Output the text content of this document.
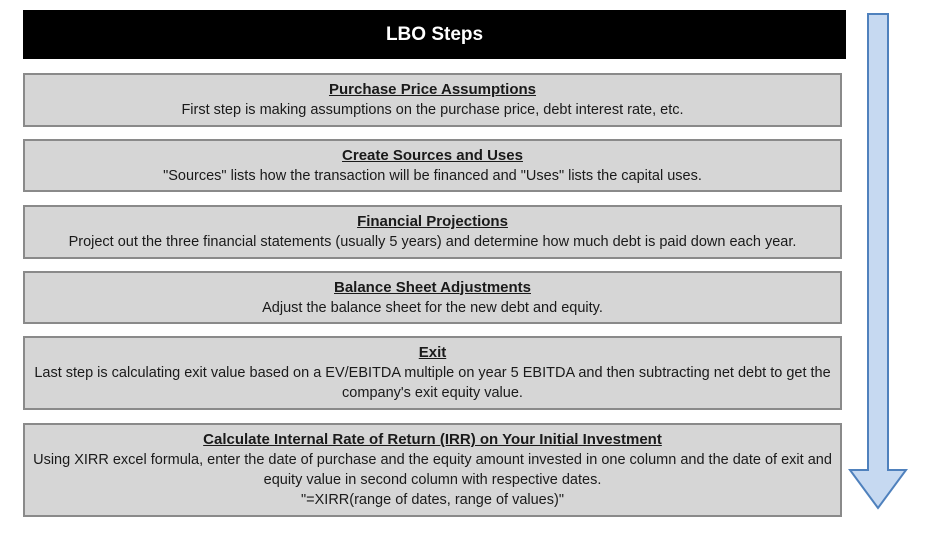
LBO Steps
Purchase Price Assumptions
First step is making assumptions on the purchase price, debt interest rate, etc.
Create Sources and Uses
"Sources" lists how the transaction will be financed and "Uses" lists the capital uses.
Financial Projections
Project out the three financial statements (usually 5 years) and determine how much debt is paid down each year.
Balance Sheet Adjustments
Adjust the balance sheet for the new debt and equity.
Exit
Last step is calculating exit value based on a EV/EBITDA multiple on year 5 EBITDA and then subtracting net debt to get the company's exit equity value.
Calculate Internal Rate of Return (IRR) on Your Initial Investment
Using XIRR excel formula, enter the date of purchase and the equity amount invested in one column and the date of exit and equity value in second column with respective dates.
"=XIRR(range of dates, range of values)"
